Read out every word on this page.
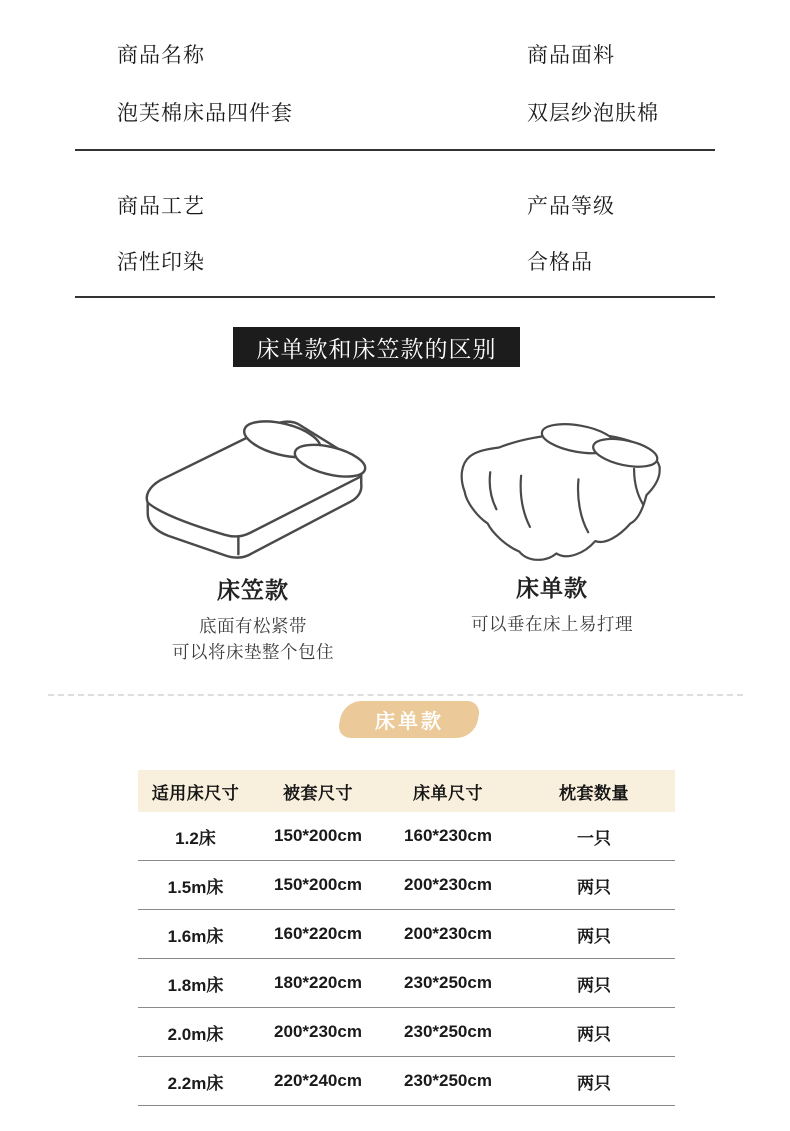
商品名称	商品面料
泡芙棉床品四件套	双层纱泡肤棉
商品工艺	产品等级
活性印染	合格品
床单款和床笠款的区别
床笠款
底面有松紧带
可以将床垫整个包住
床单款
可以垂在床上易打理
床单款
适用床尺寸	被套尺寸	床单尺寸	枕套数量
1.2床	150*200cm	160*230cm	一只
1.5m床	150*200cm	200*230cm	两只
1.6m床	160*220cm	200*230cm	两只
1.8m床	180*220cm	230*250cm	两只
2.0m床	200*230cm	230*250cm	两只
2.2m床	220*240cm	230*250cm	两只
